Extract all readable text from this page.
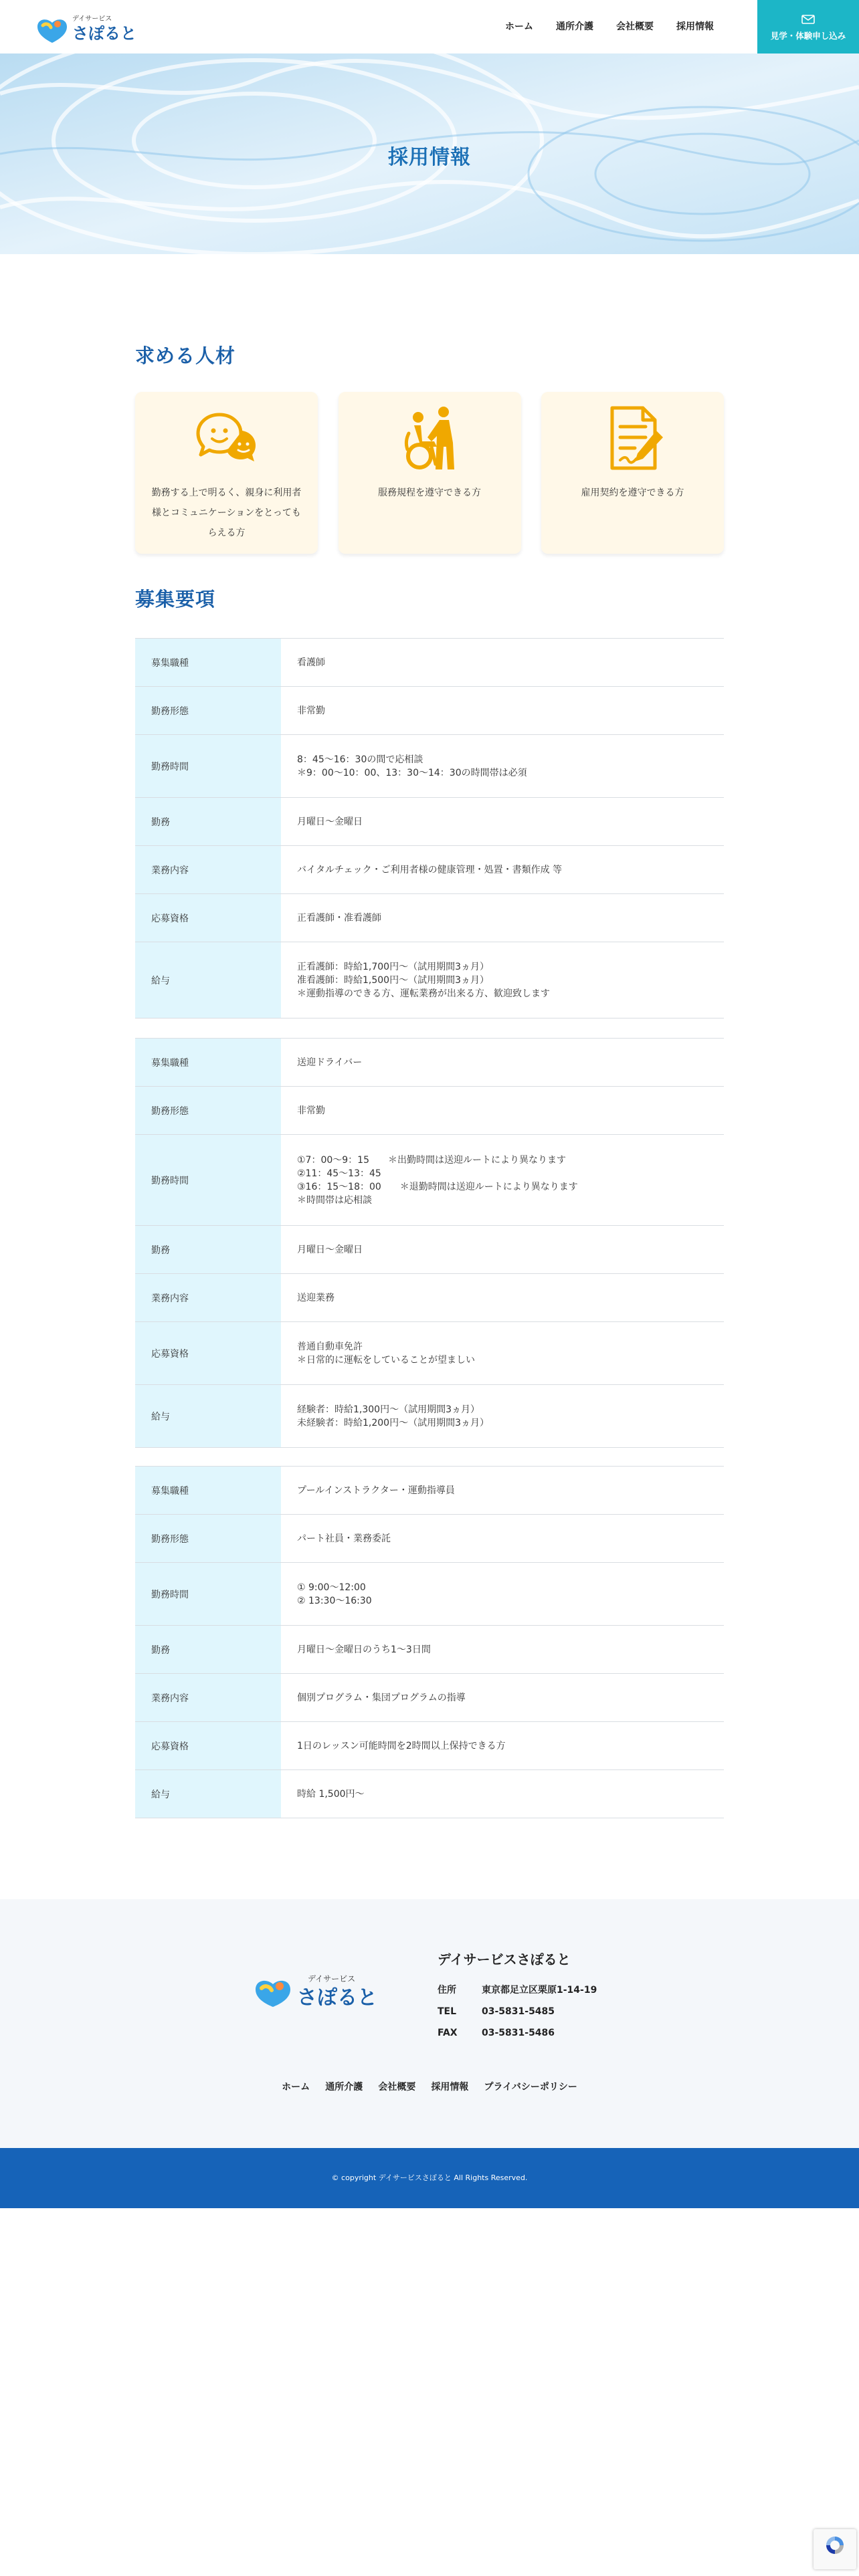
デイサービス
さぽると	ホーム	通所介護	会社概要	採用情報
見学・体験申し込み
採用情報
求める人材

勤務する上で明るく、親身に利用者様とコミュニケーションをとってもらえる方

服務規程を遵守できる方	雇用契約を遵守できる方

募集要項
募集職種	看護師
勤務形態	非常勤
勤務時間	8：45〜16：30の間で応相談
＊9：00〜10：00、13：30〜14：30の時間帯は必須
勤務	月曜日〜金曜日
業務内容	バイタルチェック・ご利用者様の健康管理・処置・書類作成 等
応募資格	正看護師・准看護師
給与	正看護師：時給1,700円〜（試用期間3ヵ月）
准看護師：時給1,500円〜（試用期間3ヵ月）
＊運動指導のできる方、運転業務が出来る方、歓迎致します
募集職種	送迎ドライバー
勤務形態	非常勤
勤務時間	①7：00〜9：15　　＊出勤時間は送迎ルートにより異なります
②11：45〜13：45
③16：15〜18：00　　＊退勤時間は送迎ルートにより異なります
＊時間帯は応相談
勤務	月曜日〜金曜日
業務内容	送迎業務
応募資格	普通自動車免許
＊日常的に運転をしていることが望ましい
給与	経験者：時給1,300円〜（試用期間3ヵ月）
未経験者：時給1,200円〜（試用期間3ヵ月）
募集職種	プールインストラクター・運動指導員
勤務形態	パート社員・業務委託
勤務時間	① 9:00〜12:00
② 13:30〜16:30
勤務	月曜日〜金曜日のうち1〜3日間
業務内容	個別プログラム・集団プログラムの指導
応募資格	1日のレッスン可能時間を2時間以上保持できる方
給与	時給 1,500円〜
デイサービス
さぽると
デイサービスさぽると
住所	東京都足立区栗原1-14-19
TEL	03-5831-5485
FAX	03-5831-5486
ホーム 通所介護 会社概要 採用情報 プライバシーポリシー
© copyright デイサービスさぽると All Rights Reserved.
